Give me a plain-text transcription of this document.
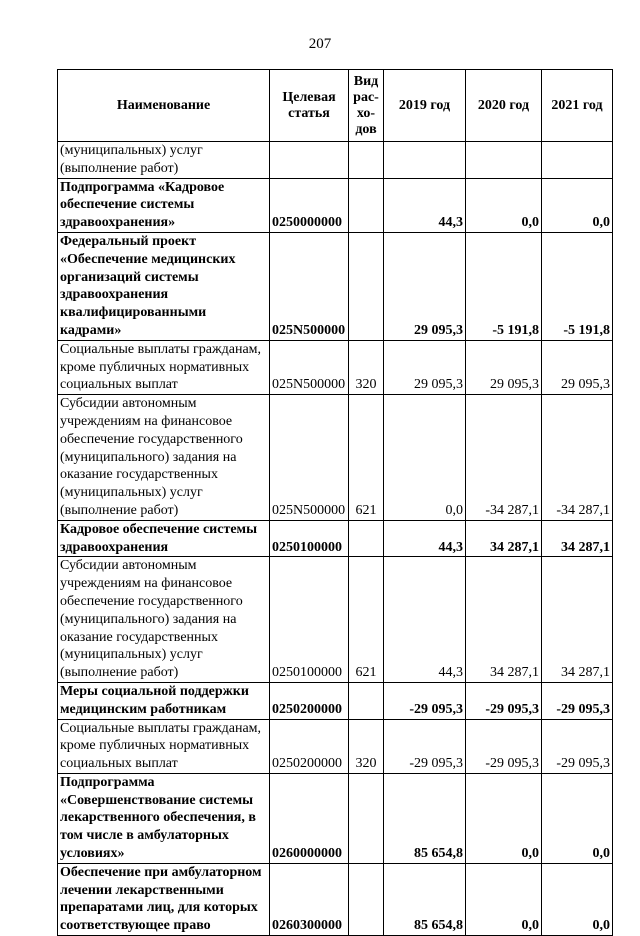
207
Наименование	Целевая статья	Вид рас-хо-дов	2019 год	2020 год	2021 год
(муниципальных) услуг (выполнение работ)					
Подпрограмма «Кадровое обеспечение системы здравоохранения»	0250000000		44,3	0,0	0,0
Федеральный проект «Обеспечение медицинских организаций системы здравоохранения квалифицированными кадрами»	025N500000		29 095,3	-5 191,8	-5 191,8
Социальные выплаты гражданам, кроме публичных нормативных социальных выплат	025N500000	320	29 095,3	29 095,3	29 095,3
Субсидии автономным учреждениям на финансовое обеспечение государственного (муниципального) задания на оказание государственных (муниципальных) услуг (выполнение работ)	025N500000	621	0,0	-34 287,1	-34 287,1
Кадровое обеспечение системы здравоохранения	0250100000		44,3	34 287,1	34 287,1
Субсидии автономным учреждениям на финансовое обеспечение государственного (муниципального) задания на оказание государственных (муниципальных) услуг (выполнение работ)	0250100000	621	44,3	34 287,1	34 287,1
Меры социальной поддержки медицинским работникам	0250200000		-29 095,3	-29 095,3	-29 095,3
Социальные выплаты гражданам, кроме публичных нормативных социальных выплат	0250200000	320	-29 095,3	-29 095,3	-29 095,3
Подпрограмма «Совершенствование системы лекарственного обеспечения, в том числе в амбулаторных условиях»	0260000000		85 654,8	0,0	0,0
Обеспечение при амбулаторном лечении лекарственными препаратами лиц, для которых соответствующее право	0260300000		85 654,8	0,0	0,0
